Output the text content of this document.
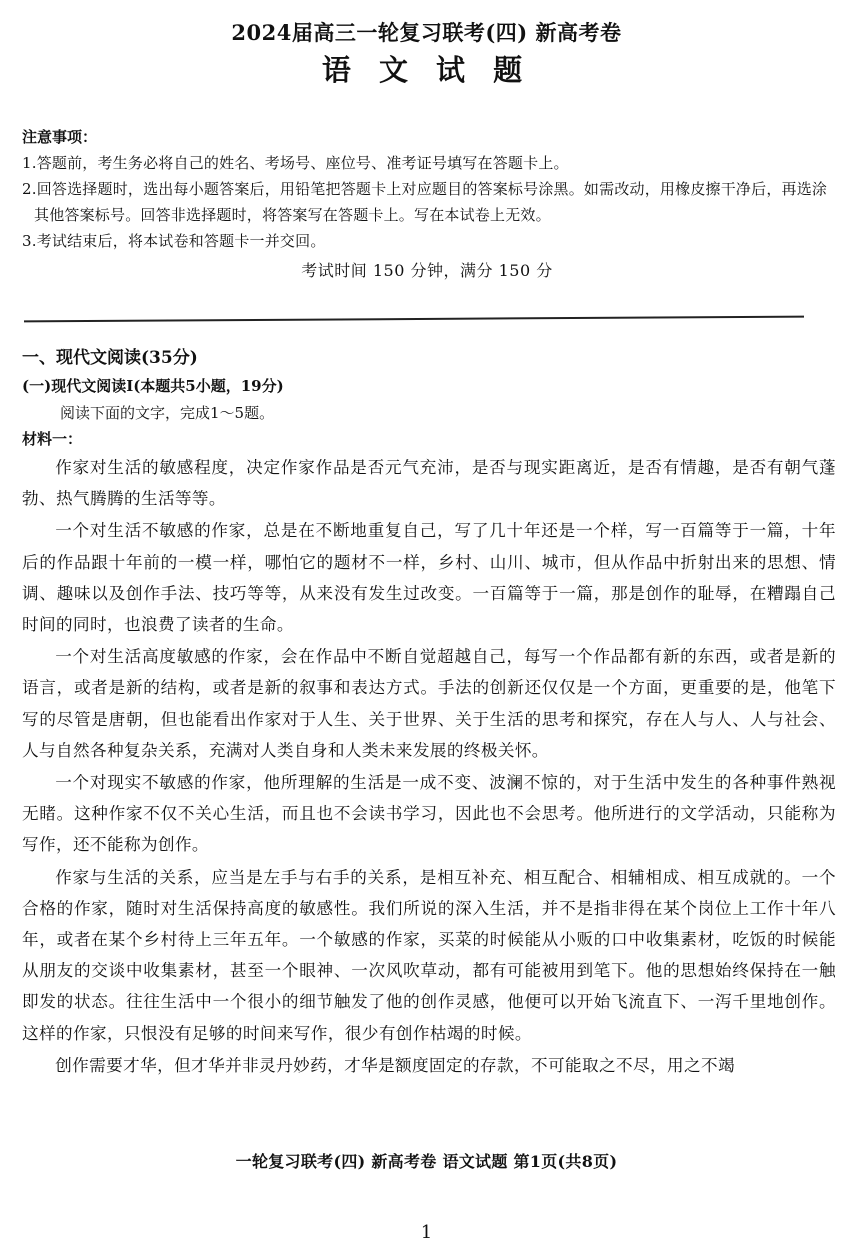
2024届高三一轮复习联考(四) 新高考卷
语 文 试 题
注意事项：
1.答题前，考生务必将自己的姓名、考场号、座位号、准考证号填写在答题卡上。
2.回答选择题时，选出每小题答案后，用铅笔把答题卡上对应题目的答案标号涂黑。如需改动，用橡皮擦干净后，再选涂其他答案标号。回答非选择题时，将答案写在答题卡上。写在本试卷上无效。
3.考试结束后，将本试卷和答题卡一并交回。
考试时间 150 分钟，满分 150 分
一、现代文阅读(35分)
(一)现代文阅读Ⅰ(本题共5小题，19分)
阅读下面的文字，完成1～5题。
材料一：

作家对生活的敏感程度，决定作家作品是否元气充沛，是否与现实距离近，是否有情趣，是否有朝气蓬勃、热气腾腾的生活等等。

一个对生活不敏感的作家，总是在不断地重复自己，写了几十年还是一个样，写一百篇等于一篇，十年后的作品跟十年前的一模一样，哪怕它的题材不一样，乡村、山川、城市，但从作品中折射出来的思想、情调、趣味以及创作手法、技巧等等，从来没有发生过改变。一百篇等于一篇，那是创作的耻辱，在糟蹋自己时间的同时，也浪费了读者的生命。

一个对生活高度敏感的作家，会在作品中不断自觉超越自己，每写一个作品都有新的东西，或者是新的语言，或者是新的结构，或者是新的叙事和表达方式。手法的创新还仅仅是一个方面，更重要的是，他笔下写的尽管是唐朝，但也能看出作家对于人生、关于世界、关于生活的思考和探究，存在人与人、人与社会、人与自然各种复杂关系，充满对人类自身和人类未来发展的终极关怀。

一个对现实不敏感的作家，他所理解的生活是一成不变、波澜不惊的，对于生活中发生的各种事件熟视无睹。这种作家不仅不关心生活，而且也不会读书学习，因此也不会思考。他所进行的文学活动，只能称为写作，还不能称为创作。

作家与生活的关系，应当是左手与右手的关系，是相互补充、相互配合、相辅相成、相互成就的。一个合格的作家，随时对生活保持高度的敏感性。我们所说的深入生活，并不是指非得在某个岗位上工作十年八年，或者在某个乡村待上三年五年。一个敏感的作家，买菜的时候能从小贩的口中收集素材，吃饭的时候能从朋友的交谈中收集素材，甚至一个眼神、一次风吹草动，都有可能被用到笔下。他的思想始终保持在一触即发的状态。往往生活中一个很小的细节触发了他的创作灵感，他便可以开始飞流直下、一泻千里地创作。这样的作家，只恨没有足够的时间来写作，很少有创作枯竭的时候。

创作需要才华，但才华并非灵丹妙药，才华是额度固定的存款，不可能取之不尽，用之不竭

一轮复习联考(四) 新高考卷 语文试题 第1页(共8页)
1
